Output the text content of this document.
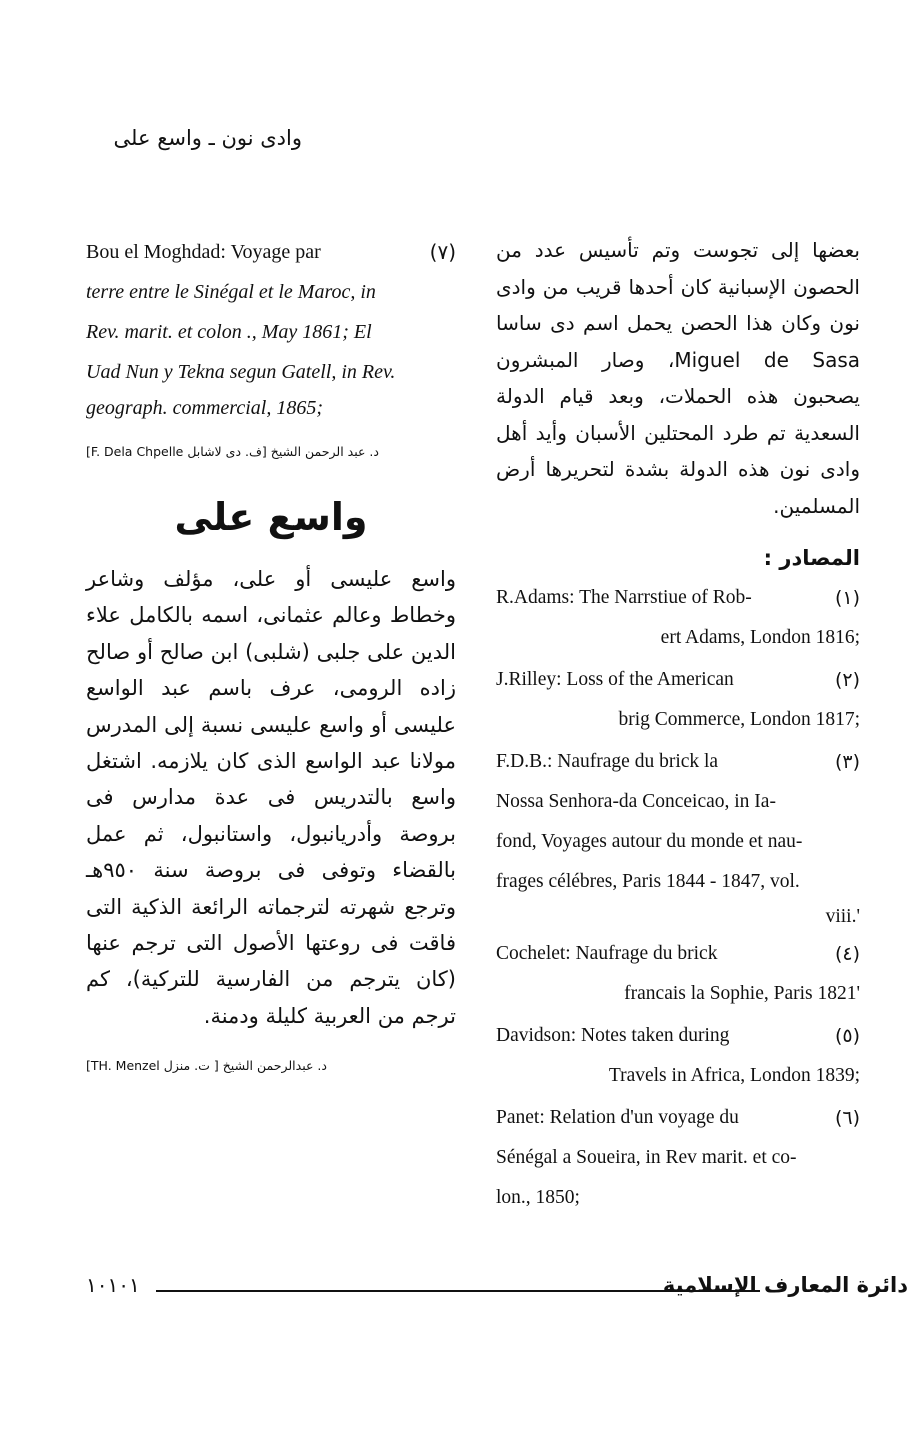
وادى نون ـ واسع على
Bou el Moghdad: Voyage par	(٧)
terre entre le Sinégal et le Maroc, in
Rev. marit. et colon ., May 1861; El
Uad Nun y Tekna segun Gatell, in Rev.
geograph. commercial, 1865;
د. عبد الرحمن الشيخ [ف. دى لاشابل F. Dela Chpelle]
واسع على

واسع عليسى أو على، مؤلف وشاعر وخطاط وعالم عثمانى، اسمه بالكامل علاء الدين على جلبى (شلبى) ابن صالح أو صالح زاده الرومى، عرف باسم عبد الواسع عليسى أو واسع عليسى نسبة إلى المدرس مولانا عبد الواسع الذى كان يلازمه. اشتغل واسع بالتدريس فى عدة مدارس فى بروصة وأدريانبول، واستانبول، ثم عمل بالقضاء وتوفى فى بروصة سنة ٩٥٠هـ وترجع شهرته لترجماته الرائعة الذكية التى فاقت فى روعتها الأصول التى ترجم عنها (كان يترجم من الفارسية للتركية)، كم ترجم من العربية كليلة ودمنة.

د. عبدالرحمن الشيخ [ ت. منزل TH. Menzel]

بعضها إلى تجوست وتم تأسيس عدد من الحصون الإسبانية كان أحدها قريب من وادى نون وكان هذا الحصن يحمل اسم دى ساسا Miguel de Sasa، وصار المبشرون يصحبون هذه الحملات، وبعد قيام الدولة السعدية تم طرد المحتلين الأسبان وأيد أهل وادى نون هذه الدولة بشدة لتحريرها أرض المسلمين.

المصادر :
R.Adams: The Narrstiue of Rob-	(١)
ert Adams, London 1816;
J.Rilley: Loss of the American	(٢)
brig Commerce, London 1817;
F.D.B.: Naufrage du brick la	(٣)
Nossa Senhora-da Conceicao, in Ia-
fond, Voyages autour du monde et nau-
frages célébres, Paris 1844 - 1847, vol.
viii.'
Cochelet: Naufrage du brick	(٤)
francais la Sophie, Paris 1821'
Davidson: Notes taken during	(٥)
Travels in Africa, London 1839;
Panet: Relation d'un voyage du	(٦)
Sénégal a Soueira, in Rev marit. et co-
lon., 1850;
١٠١٠١	دائرة المعارف الإسلامية
